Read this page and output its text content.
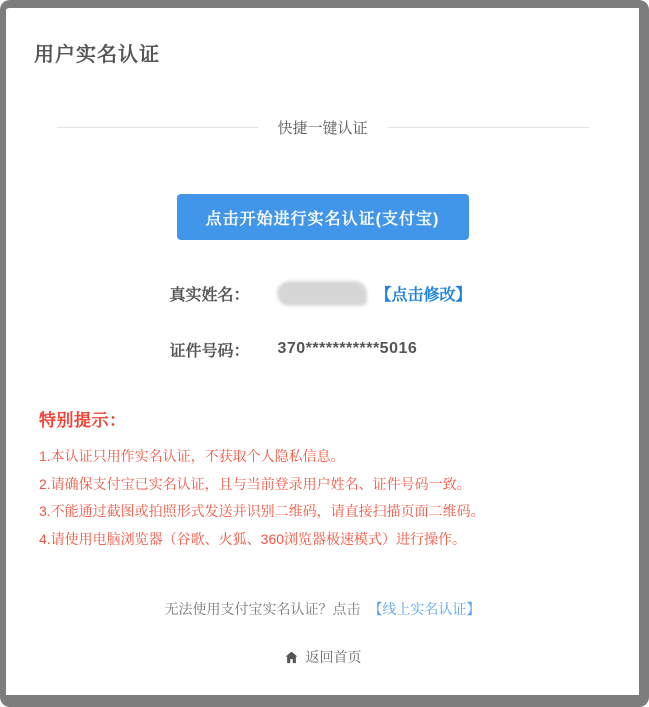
用户实名认证
快捷一键认证
点击开始进行实名认证(支付宝)
真实姓名：	【点击修改】
证件号码： 370***********5016
特别提示：
1.本认证只用作实名认证，不获取个人隐私信息。
2.请确保支付宝已实名认证，且与当前登录用户姓名、证件号码一致。
3.不能通过截图或拍照形式发送并识别二维码，请直接扫描页面二维码。
4.请使用电脑浏览器（谷歌、火狐、360浏览器极速模式）进行操作。
无法使用支付宝实名认证？点击 【线上实名认证】
返回首页
